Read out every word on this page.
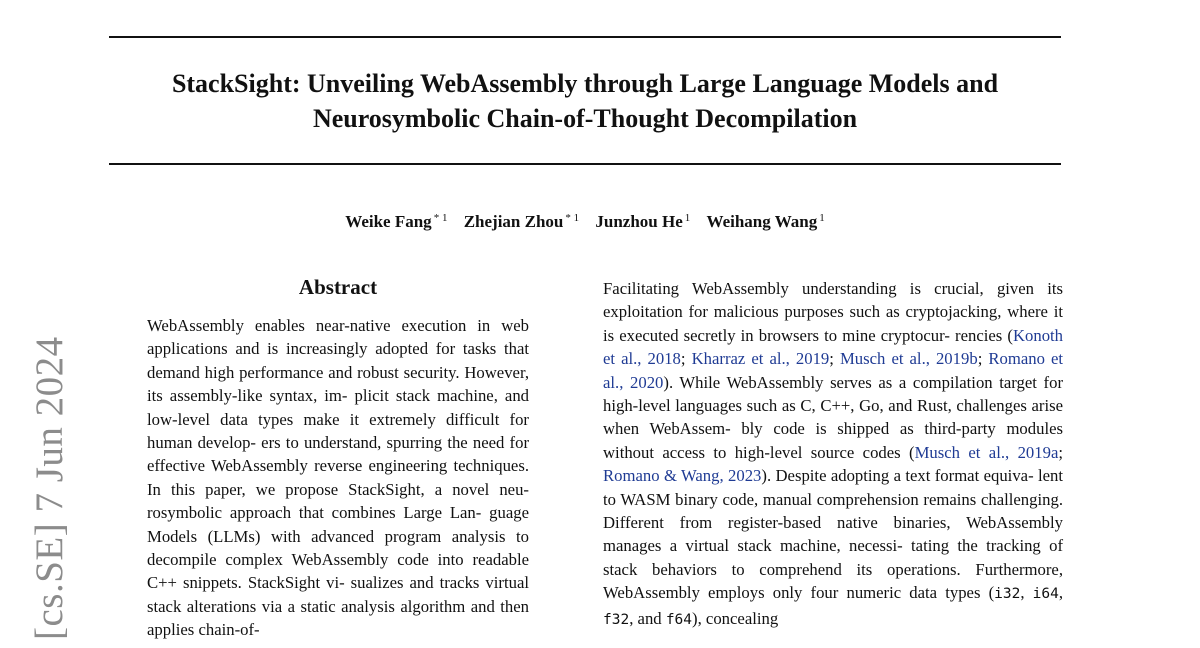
StackSight: Unveiling WebAssembly through Large Language Models and
Neurosymbolic Chain-of-Thought Decompilation
Weike Fang $^{* 1}$ Zhejian Zhou $^{* 1}$ Junzhou He $^1$ Weihang Wang $^1$
[cs.SE] 7 Jun 2024
Abstract

WebAssembly enables near-native execution in web applications and is increasingly adopted for tasks that demand high performance and robust security. However, its assembly-like syntax, im- plicit stack machine, and low-level data types make it extremely difficult for human develop- ers to understand, spurring the need for effective WebAssembly reverse engineering techniques. In this paper, we propose StackSight, a novel neu- rosymbolic approach that combines Large Lan- guage Models (LLMs) with advanced program analysis to decompile complex WebAssembly code into readable C++ snippets. StackSight vi- sualizes and tracks virtual stack alterations via a static analysis algorithm and then applies chain-of-

Facilitating WebAssembly understanding is crucial, given its exploitation for malicious purposes such as cryptojacking, where it is executed secretly in browsers to mine cryptocur- rencies (Konoth et al., 2018; Kharraz et al., 2019; Musch et al., 2019b; Romano et al., 2020). While WebAssembly serves as a compilation target for high-level languages such as C, C++, Go, and Rust, challenges arise when WebAssem- bly code is shipped as third-party modules without access to high-level source codes (Musch et al., 2019a; Romano & Wang, 2023). Despite adopting a text format equiva- lent to WASM binary code, manual comprehension remains challenging. Different from register-based native binaries, WebAssembly manages a virtual stack machine, necessi- tating the tracking of stack behaviors to comprehend its operations. Furthermore, WebAssembly employs only four numeric data types (i32, i64, f32, and f64), concealing
